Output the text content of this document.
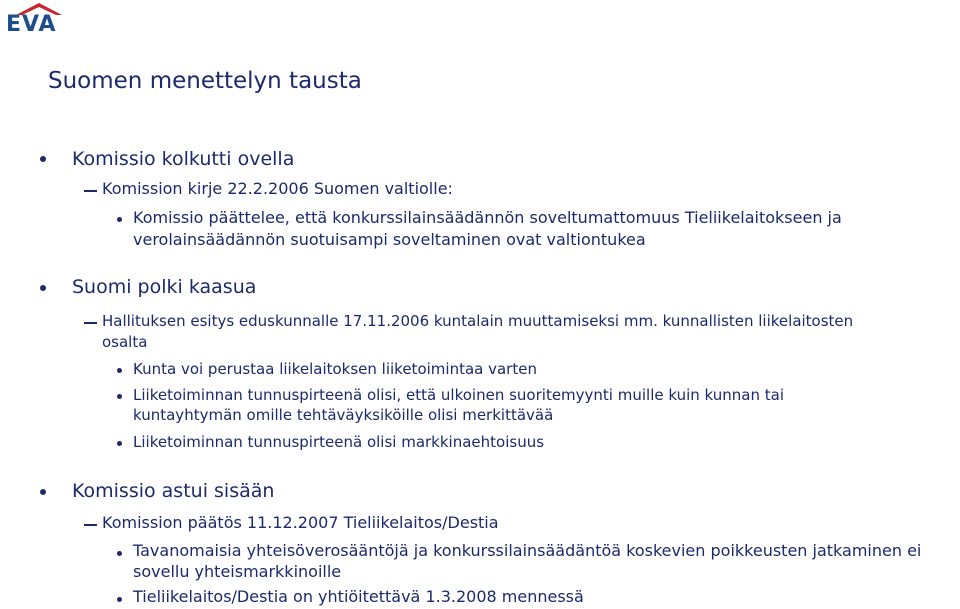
EVA
Suomen menettelyn tausta
Komissio kolkutti ovella
Komission kirje 22.2.2006 Suomen valtiolle:
Komissio päättelee, että konkurssilainsäädännön soveltumattomuus Tieliikelaitokseen ja
verolainsäädännön suotuisampi soveltaminen ovat valtiontukea
Suomi polki kaasua
Hallituksen esitys eduskunnalle 17.11.2006 kuntalain muuttamiseksi mm. kunnallisten liikelaitosten
osalta
Kunta voi perustaa liikelaitoksen liiketoimintaa varten
Liiketoiminnan tunnuspirteenä olisi, että ulkoinen suoritemyynti muille kuin kunnan tai
kuntayhtymän omille tehtäväyksiköille olisi merkittävää
Liiketoiminnan tunnuspirteenä olisi markkinaehtoisuus
Komissio astui sisään
Komission päätös 11.12.2007 Tieliikelaitos/Destia
Tavanomaisia yhteisöverosääntöjä ja konkurssilainsäädäntöä koskevien poikkeusten jatkaminen ei
sovellu yhteismarkkinoille
Tieliikelaitos/Destia on yhtiöitettävä 1.3.2008 mennessä
